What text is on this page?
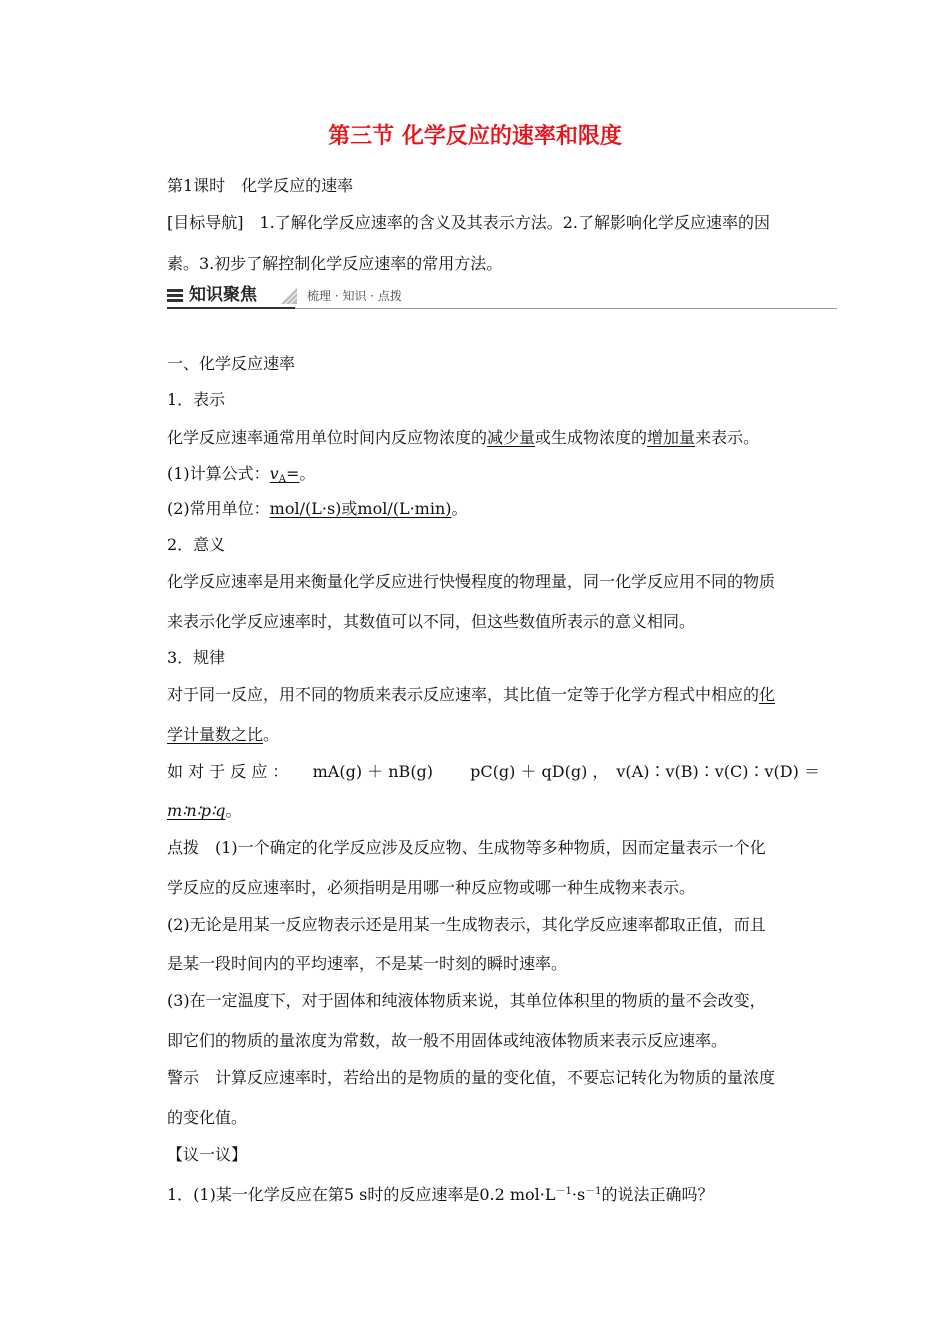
第三节 化学反应的速率和限度
第1课时　化学反应的速率
[目标导航]　1.了解化学反应速率的含义及其表示方法。2.了解影响化学反应速率的因
素。3.初步了解控制化学反应速率的常用方法。
知识聚焦	梳理 · 知识 · 点拨
一、化学反应速率
1．表示
化学反应速率通常用单位时间内反应物浓度的减少量或生成物浓度的增加量来表示。
(1)计算公式：$v_A=$。
(2)常用单位：mol/(L·s)或mol/(L·min)。
2．意义
化学反应速率是用来衡量化学反应进行快慢程度的物理量，同一化学反应用不同的物质
来表示化学反应速率时，其数值可以不同，但这些数值所表示的意义相同。
3．规律
对于同一反应，用不同的物质来表示反应速率，其比值一定等于化学方程式中相应的化
学计量数之比。
如 对 于 反 应 ： mA(g) ＋ nB(g)　　 pC(g) ＋ qD(g) ，　v(A)∶v(B)∶v(C)∶v(D) ＝
m∶n∶p∶q。
点拨　(1)一个确定的化学反应涉及反应物、生成物等多种物质，因而定量表示一个化
学反应的反应速率时，必须指明是用哪一种反应物或哪一种生成物来表示。
(2)无论是用某一反应物表示还是用某一生成物表示，其化学反应速率都取正值，而且
是某一段时间内的平均速率，不是某一时刻的瞬时速率。
(3)在一定温度下，对于固体和纯液体物质来说，其单位体积里的物质的量不会改变，
即它们的物质的量浓度为常数，故一般不用固体或纯液体物质来表示反应速率。
警示　计算反应速率时，若给出的是物质的量的变化值，不要忘记转化为物质的量浓度
的变化值。
【议一议】
1．(1)某一化学反应在第5 s时的反应速率是0.2 $mol\cdot L^{-1}\cdot s^{-1}$的说法正确吗？
